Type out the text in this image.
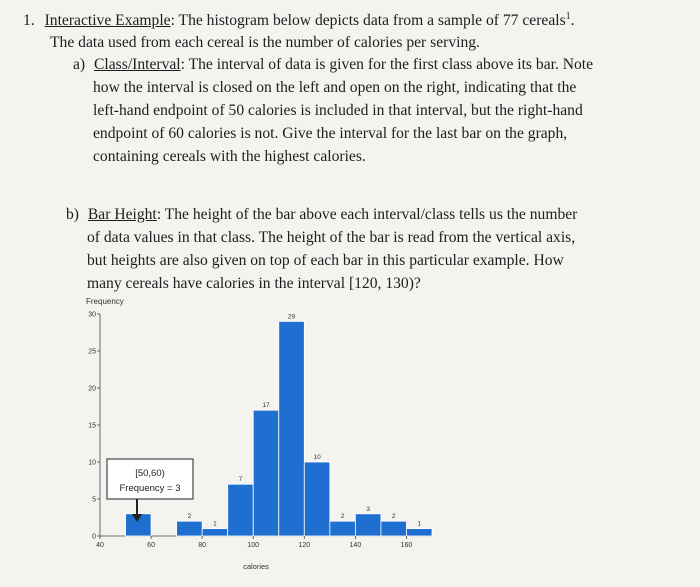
1. Interactive Example: The histogram below depicts data from a sample of 77 cereals$^1$.
The data used from each cereal is the number of calories per serving.
a) Class/Interval: The interval of data is given for the first class above its bar. Note
how the interval is closed on the left and open on the right, indicating that the
left-hand endpoint of 50 calories is included in that interval, but the right-hand
endpoint of 60 calories is not. Give the interval for the last bar on the graph,
containing cereals with the highest calories.
b) Bar Height: The height of the bar above each interval/class tells us the number
of data values in that class. The height of the bar is read from the vertical axis,
but heights are also given on top of each bar in this particular example. How
many cereals have calories in the interval [120, 130)?
Frequency
calories
2
1
7
17
29
10
2
3
2
1
0
5
10
15
20
25
30
40	60	80	100	120	140	160
[50,60)
Frequency = 3
